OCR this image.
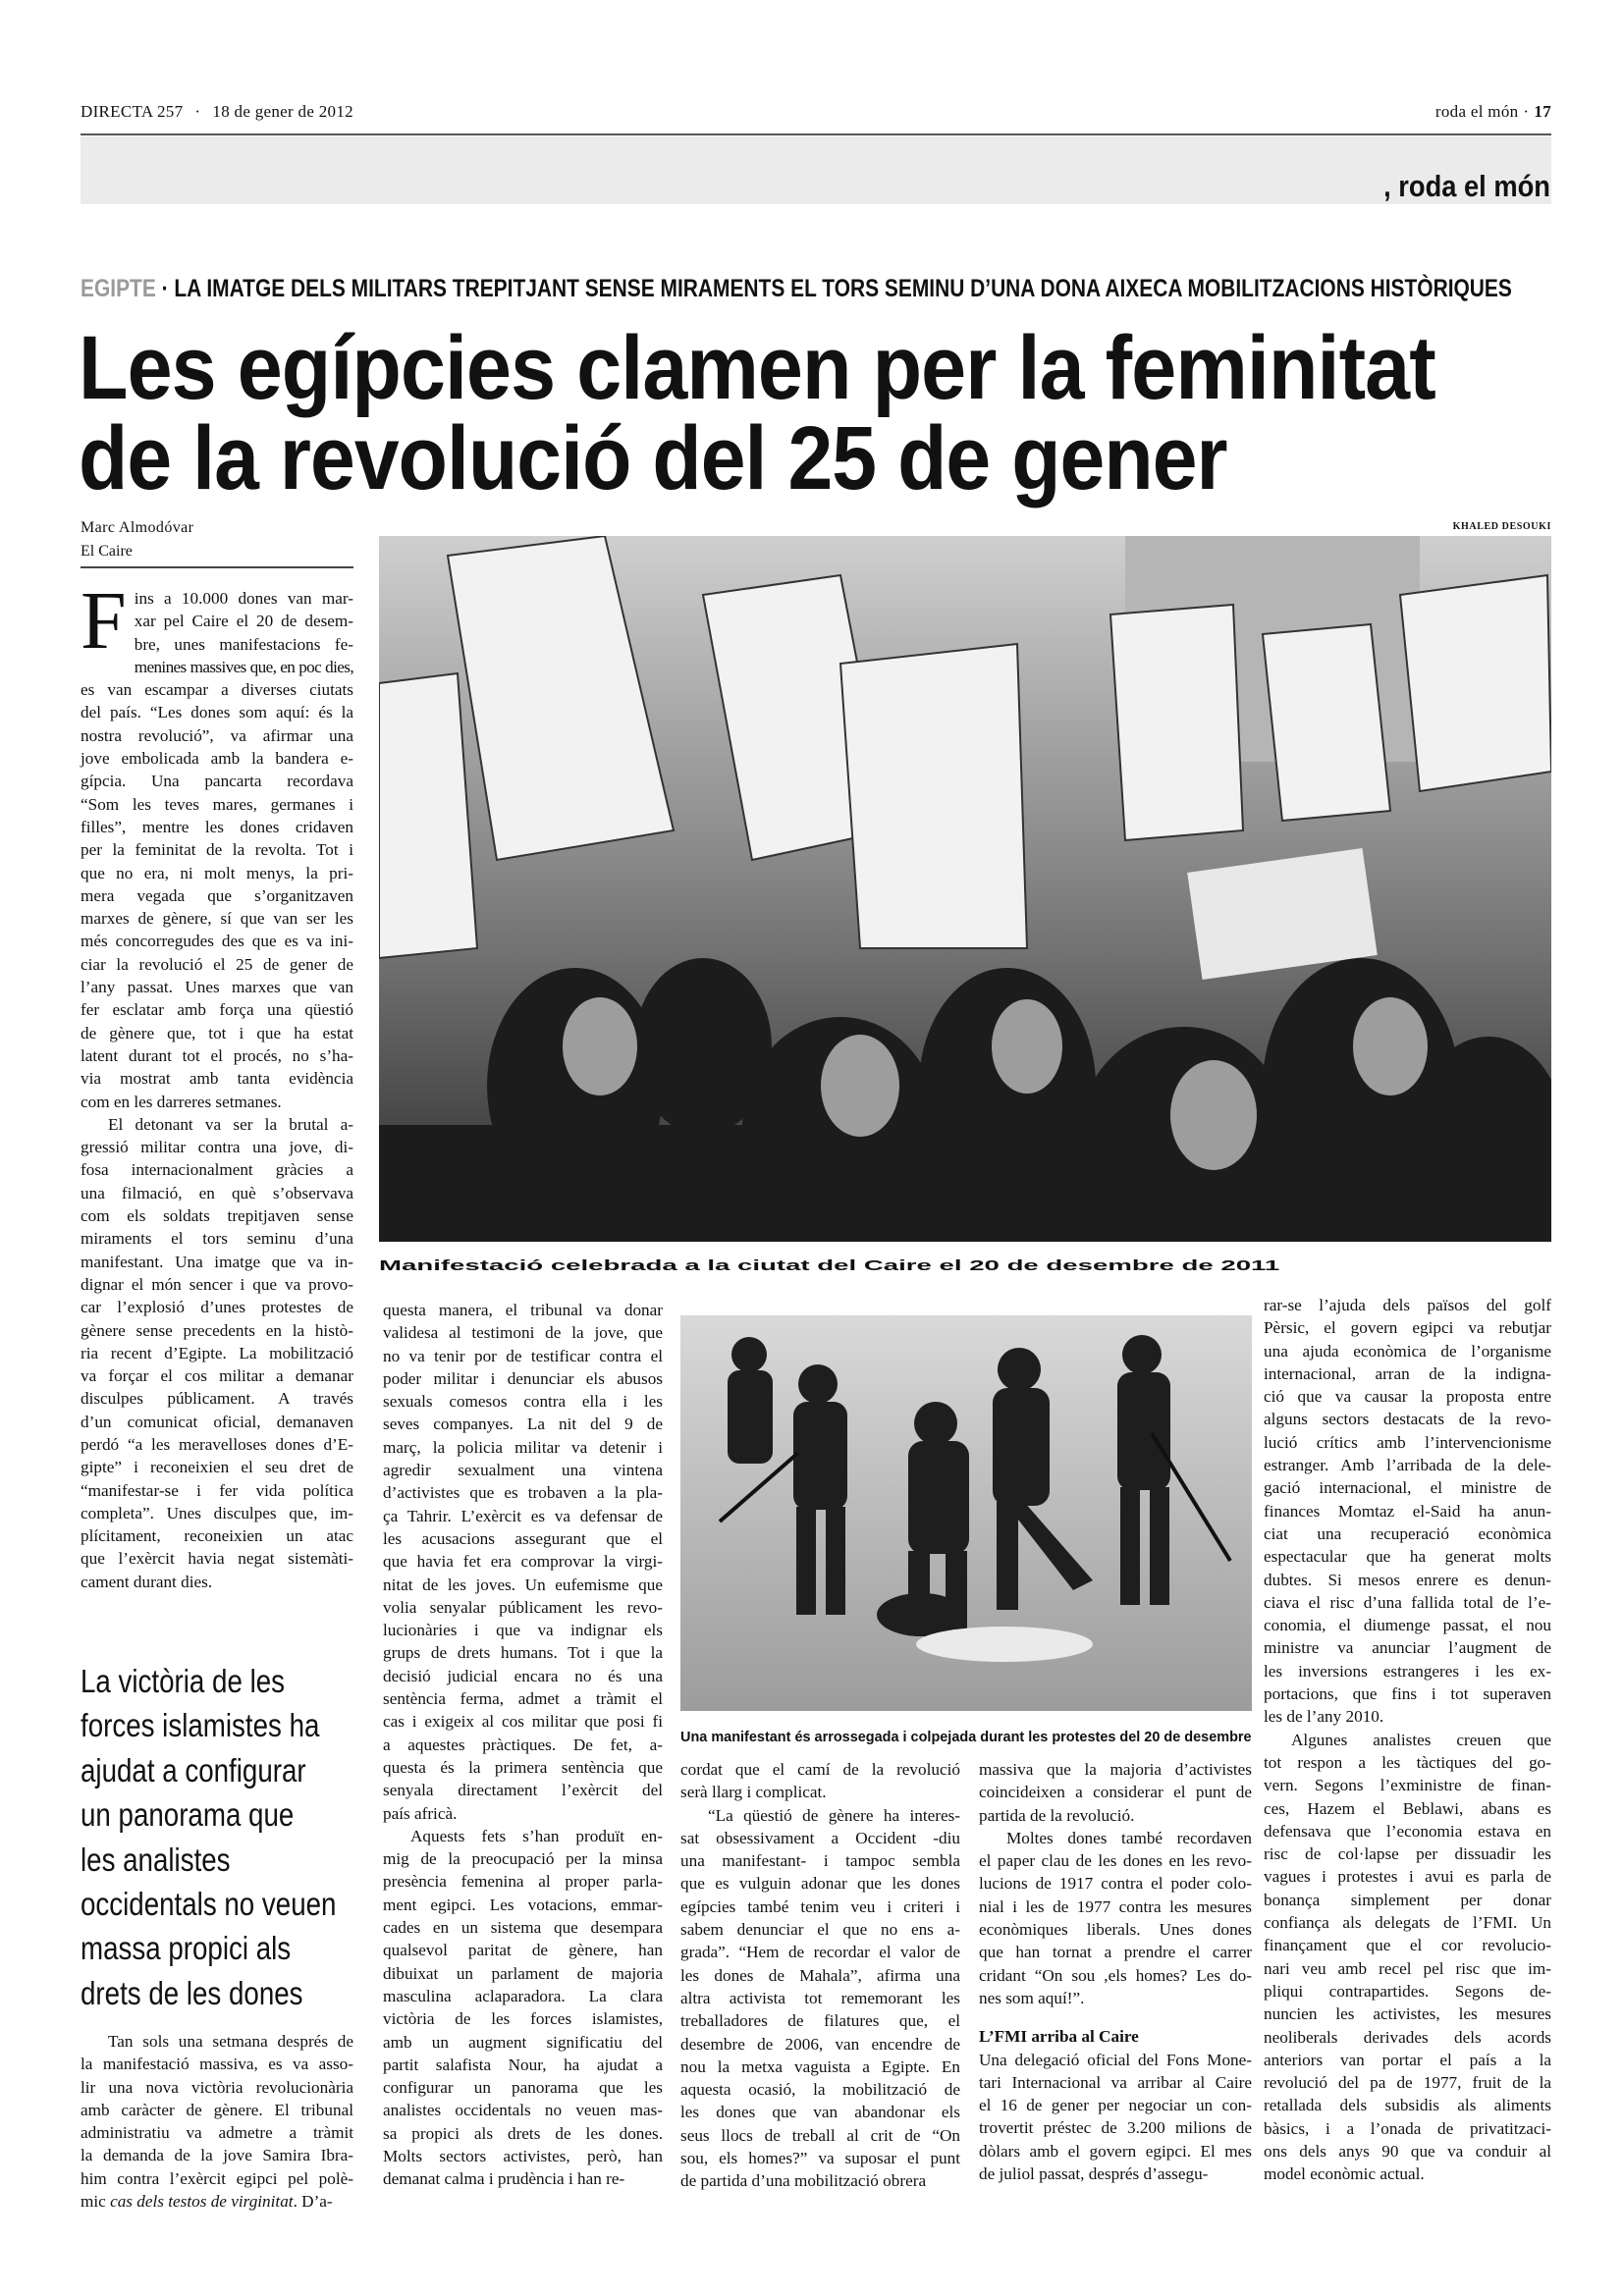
DIRECTA 257 · 18 de gener de 2012	roda el món · 17
, roda el món
EGIPTE · LA IMATGE DELS MILITARS TREPITJANT SENSE MIRAMENTS EL TORS SEMINU D’UNA DONA AIXECA MOBILITZACIONS HISTÒRIQUES
Les egípcies clamen per la feminitat
de la revolució del 25 de gener
Marc Almodóvar
El Caire
KHALED DESOUKI
Manifestació celebrada a la ciutat del Caire el 20 de desembre de 2011
Una manifestant és arrossegada i colpejada durant les protestes del 20 de desembre
La victòria de les
forces islamistes ha
ajudat a configurar
un panorama que
les analistes
occidentals no veuen
massa propici als
drets de les dones
F ins a 10.000 dones van mar-
xar pel Caire el 20 de desem-
bre, unes manifestacions fe-
menines massives que, en poc dies,
es van escampar a diverses ciutats
del país. “Les dones som aquí: és la
nostra revolució”, va afirmar una
jove embolicada amb la bandera e-
gípcia. Una pancarta recordava
“Som les teves mares, germanes i
filles”, mentre les dones cridaven
per la feminitat de la revolta. Tot i
que no era, ni molt menys, la pri-
mera vegada que s’organitzaven
marxes de gènere, sí que van ser les
més concorregudes des que es va ini-
ciar la revolució el 25 de gener de
l’any passat. Unes marxes que van
fer esclatar amb força una qüestió
de gènere que, tot i que ha estat
latent durant tot el procés, no s’ha-
via mostrat amb tanta evidència
com en les darreres setmanes.
El detonant va ser la brutal a-
gressió militar contra una jove, di-
fosa internacionalment gràcies a
una filmació, en què s’observava
com els soldats trepitjaven sense
miraments el tors seminu d’una
manifestant. Una imatge que va in-
dignar el món sencer i que va provo-
car l’explosió d’unes protestes de
gènere sense precedents en la histò-
ria recent d’Egipte. La mobilització
va forçar el cos militar a demanar
disculpes públicament. A través
d’un comunicat oficial, demanaven
perdó “a les meravelloses dones d’E-
gipte” i reconeixien el seu dret de
“manifestar-se i fer vida política
completa”. Unes disculpes que, im-
plícitament, reconeixien un atac
que l’exèrcit havia negat sistemàti-
cament durant dies.
Tan sols una setmana després de
la manifestació massiva, es va asso-
lir una nova victòria revolucionària
amb caràcter de gènere. El tribunal
administratiu va admetre a tràmit
la demanda de la jove Samira Ibra-
him contra l’exèrcit egipci pel polè-
mic cas dels testos de virginitat. D’a-
questa manera, el tribunal va donar
validesa al testimoni de la jove, que
no va tenir por de testificar contra el
poder militar i denunciar els abusos
sexuals comesos contra ella i les
seves companyes. La nit del 9 de
març, la policia militar va detenir i
agredir sexualment una vintena
d’activistes que es trobaven a la pla-
ça Tahrir. L’exèrcit es va defensar de
les acusacions assegurant que el
que havia fet era comprovar la virgi-
nitat de les joves. Un eufemisme que
volia senyalar públicament les revo-
lucionàries i que va indignar els
grups de drets humans. Tot i que la
decisió judicial encara no és una
sentència ferma, admet a tràmit el
cas i exigeix al cos militar que posi fi
a aquestes pràctiques. De fet, a-
questa és la primera sentència que
senyala directament l’exèrcit del
país africà.
Aquests fets s’han produït en-
mig de la preocupació per la minsa
presència femenina al proper parla-
ment egipci. Les votacions, emmar-
cades en un sistema que desempara
qualsevol paritat de gènere, han
dibuixat un parlament de majoria
masculina aclaparadora. La clara
victòria de les forces islamistes,
amb un augment significatiu del
partit salafista Nour, ha ajudat a
configurar un panorama que les
analistes occidentals no veuen mas-
sa propici als drets de les dones.
Molts sectors activistes, però, han
demanat calma i prudència i han re-
cordat que el camí de la revolució
serà llarg i complicat.
“La qüestió de gènere ha interes-
sat obsessivament a Occident -diu
una manifestant- i tampoc sembla
que es vulguin adonar que les dones
egípcies també tenim veu i criteri i
sabem denunciar el que no ens a-
grada”. “Hem de recordar el valor de
les dones de Mahala”, afirma una
altra activista tot rememorant les
treballadores de filatures que, el
desembre de 2006, van encendre de
nou la metxa vaguista a Egipte. En
aquesta ocasió, la mobilització de
les dones que van abandonar els
seus llocs de treball al crit de “On
sou, els homes?” va suposar el punt
de partida d’una mobilització obrera
massiva que la majoria d’activistes
coincideixen a considerar el punt de
partida de la revolució.
Moltes dones també recordaven
el paper clau de les dones en les revo-
lucions de 1917 contra el poder colo-
nial i les de 1977 contra les mesures
econòmiques liberals. Unes dones
que han tornat a prendre el carrer
cridant “On sou ,els homes? Les do-
nes som aquí!”.
L’FMI arriba al Caire
Una delegació oficial del Fons Mone-
tari Internacional va arribar al Caire
el 16 de gener per negociar un con-
trovertit préstec de 3.200 milions de
dòlars amb el govern egipci. El mes
de juliol passat, després d’assegu-
rar-se l’ajuda dels països del golf
Pèrsic, el govern egipci va rebutjar
una ajuda econòmica de l’organisme
internacional, arran de la indigna-
ció que va causar la proposta entre
alguns sectors destacats de la revo-
lució crítics amb l’intervencionisme
estranger. Amb l’arribada de la dele-
gació internacional, el ministre de
finances Momtaz el-Said ha anun-
ciat una recuperació econòmica
espectacular que ha generat molts
dubtes. Si mesos enrere es denun-
ciava el risc d’una fallida total de l’e-
conomia, el diumenge passat, el nou
ministre va anunciar l’augment de
les inversions estrangeres i les ex-
portacions, que fins i tot superaven
les de l’any 2010.
Algunes analistes creuen que
tot respon a les tàctiques del go-
vern. Segons l’exministre de finan-
ces, Hazem el Beblawi, abans es
defensava que l’economia estava en
risc de col·lapse per dissuadir les
vagues i protestes i avui es parla de
bonança simplement per donar
confiança als delegats de l’FMI. Un
finançament que el cor revolucio-
nari veu amb recel pel risc que im-
pliqui contrapartides. Segons de-
nuncien les activistes, les mesures
neoliberals derivades dels acords
anteriors van portar el país a la
revolució del pa de 1977, fruit de la
retallada dels subsidis als aliments
bàsics, i a l’onada de privatitzaci-
ons dels anys 90 que va conduir al
model econòmic actual.
